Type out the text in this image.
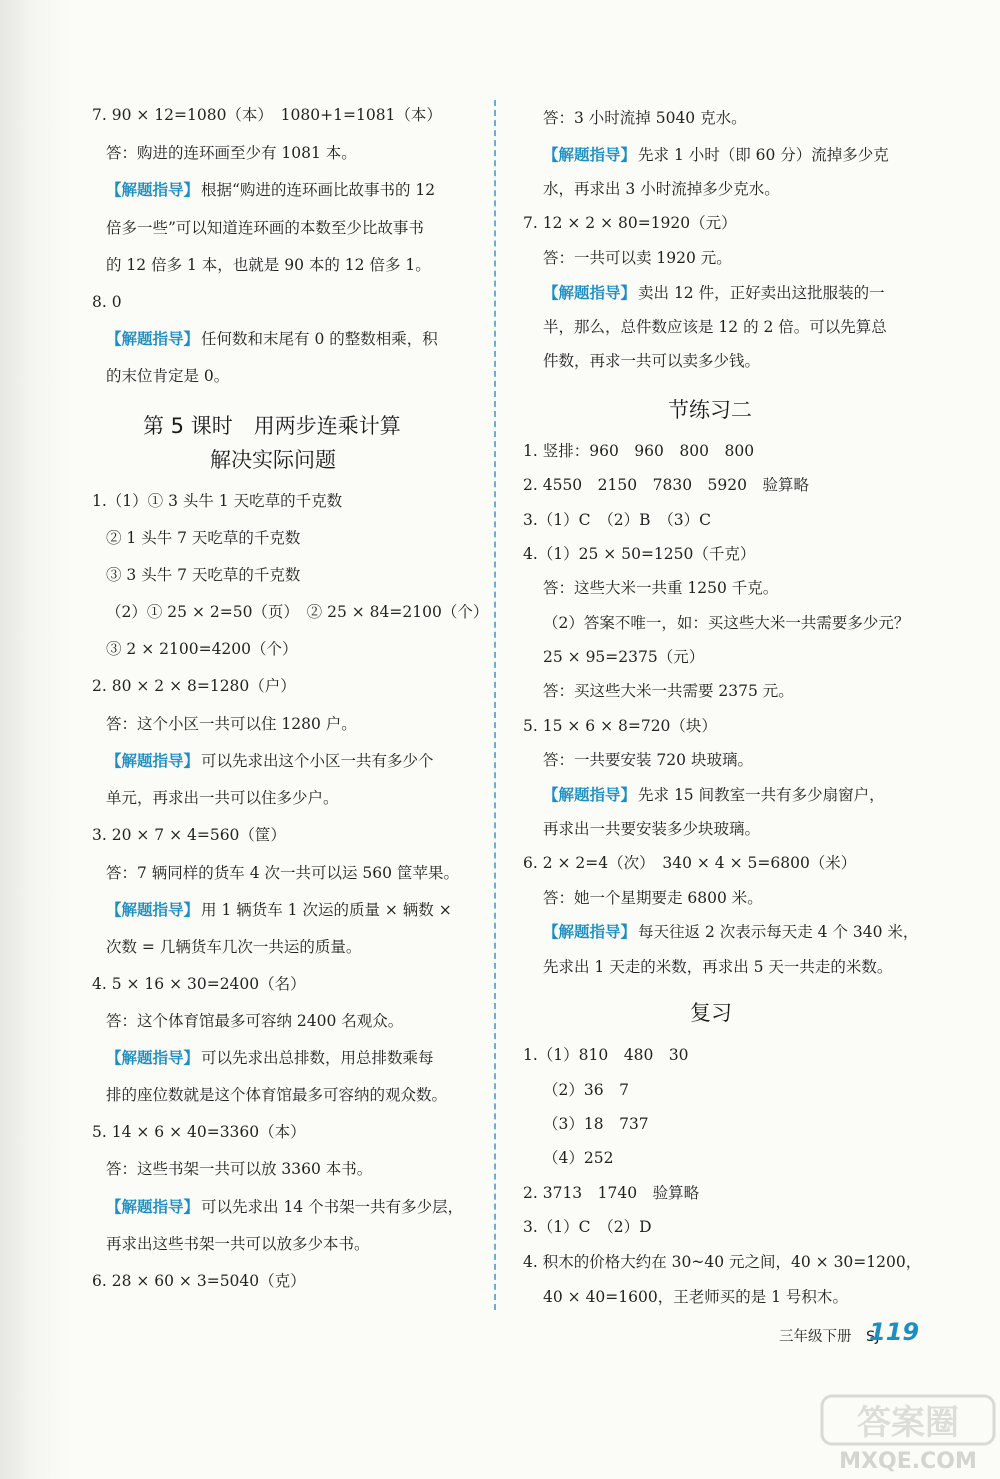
7. 90 × 12=1080（本）　1080+1=1081（本）
答：购进的连环画至少有 1081 本。
【解题指导】 根据“购进的连环画比故事书的 12
倍多一些”可以知道连环画的本数至少比故事书
的 12 倍多 1 本，也就是 90 本的 12 倍多 1。
8. 0
【解题指导】 任何数和末尾有 0 的整数相乘，积
的末位肯定是 0。
第 5 课时　用两步连乘计算
解决实际问题
1.（1）① 3 头牛 1 天吃草的千克数
② 1 头牛 7 天吃草的千克数
③ 3 头牛 7 天吃草的千克数
（2）① 25 × 2=50（页）　② 25 × 84=2100（个）
③ 2 × 2100=4200（个）
2. 80 × 2 × 8=1280（户）
答：这个小区一共可以住 1280 户。
【解题指导】 可以先求出这个小区一共有多少个
单元，再求出一共可以住多少户。
3. 20 × 7 × 4=560（筐）
答：7 辆同样的货车 4 次一共可以运 560 筐苹果。
【解题指导】 用 1 辆货车 1 次运的质量 × 辆数 ×
次数 = 几辆货车几次一共运的质量。
4. 5 × 16 × 30=2400（名）
答：这个体育馆最多可容纳 2400 名观众。
【解题指导】 可以先求出总排数，用总排数乘每
排的座位数就是这个体育馆最多可容纳的观众数。
5. 14 × 6 × 40=3360（本）
答：这些书架一共可以放 3360 本书。
【解题指导】 可以先求出 14 个书架一共有多少层，
再求出这些书架一共可以放多少本书。
6. 28 × 60 × 3=5040（克）
答：3 小时流掉 5040 克水。
【解题指导】 先求 1 小时（即 60 分）流掉多少克
水，再求出 3 小时流掉多少克水。
7. 12 × 2 × 80=1920（元）
答：一共可以卖 1920 元。
【解题指导】 卖出 12 件，正好卖出这批服装的一
半，那么，总件数应该是 12 的 2 倍。可以先算总
件数，再求一共可以卖多少钱。
节练习二
1. 竖排：960　960　800　800
2. 4550　2150　7830　5920　验算略
3.（1）C　（2）B　（3）C
4.（1）25 × 50=1250（千克）
答：这些大米一共重 1250 千克。
（2）答案不唯一，如：买这些大米一共需要多少元？
25 × 95=2375（元）
答：买这些大米一共需要 2375 元。
5. 15 × 6 × 8=720（块）
答：一共要安装 720 块玻璃。
【解题指导】 先求 15 间教室一共有多少扇窗户，
再求出一共要安装多少块玻璃。
6. 2 × 2=4（次）　340 × 4 × 5=6800（米）
答：她一个星期要走 6800 米。
【解题指导】 每天往返 2 次表示每天走 4 个 340 米，
先求出 1 天走的米数，再求出 5 天一共走的米数。
复习
1.（1）810　480　30
（2）36　7
（3）18　737
（4）252
2. 3713　1740　验算略
3.（1）C　（2）D
4. 积木的价格大约在 30~40 元之间，40 × 30=1200，
40 × 40=1600，王老师买的是 1 号积木。
三年级下册　SJ
119
答案圈
MXQE.COM
